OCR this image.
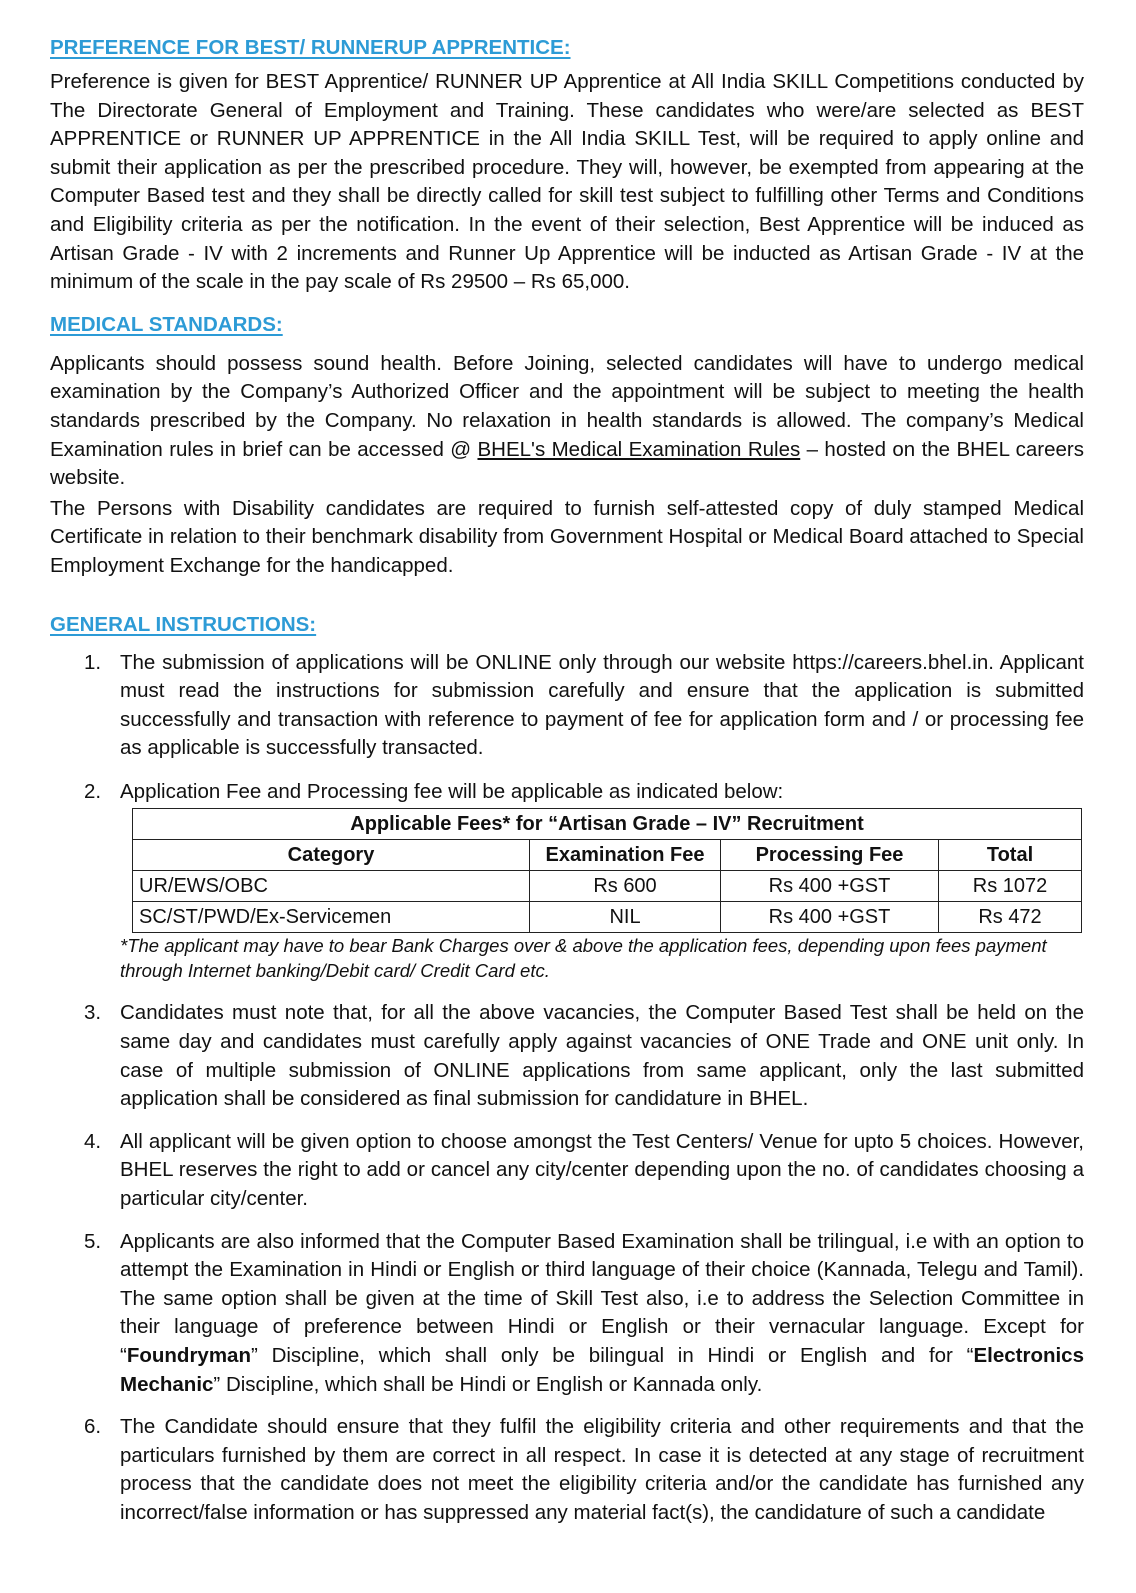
PREFERENCE FOR BEST/ RUNNERUP APPRENTICE:

Preference is given for BEST Apprentice/ RUNNER UP Apprentice at All India SKILL Competitions conducted by The Directorate General of Employment and Training. These candidates who were/are selected as BEST APPRENTICE or RUNNER UP APPRENTICE in the All India SKILL Test, will be required to apply online and submit their application as per the prescribed procedure. They will, however, be exempted from appearing at the Computer Based test and they shall be directly called for skill test subject to fulfilling other Terms and Conditions and Eligibility criteria as per the notification. In the event of their selection, Best Apprentice will be induced as Artisan Grade - IV with 2 increments and Runner Up Apprentice will be inducted as Artisan Grade - IV at the minimum of the scale in the pay scale of Rs 29500 – Rs 65,000.

MEDICAL STANDARDS:

Applicants should possess sound health. Before Joining, selected candidates will have to undergo medical examination by the Company’s Authorized Officer and the appointment will be subject to meeting the health standards prescribed by the Company. No relaxation in health standards is allowed. The company’s Medical Examination rules in brief can be accessed @ BHEL's Medical Examination Rules – hosted on the BHEL careers website.

The Persons with Disability candidates are required to furnish self-attested copy of duly stamped Medical Certificate in relation to their benchmark disability from Government Hospital or Medical Board attached to Special Employment Exchange for the handicapped.

GENERAL INSTRUCTIONS:
1. The submission of applications will be ONLINE only through our website https://careers.bhel.in. Applicant must read the instructions for submission carefully and ensure that the application is submitted successfully and transaction with reference to payment of fee for application form and / or processing fee as applicable is successfully transacted.
2. Application Fee and Processing fee will be applicable as indicated below:
Applicable Fees* for “Artisan Grade – IV” Recruitment			
Category	Examination Fee	Processing Fee	Total
UR/EWS/OBC	Rs 600	Rs 400 +GST	Rs 1072
SC/ST/PWD/Ex-Servicemen	NIL	Rs 400 +GST	Rs 472

*The applicant may have to bear Bank Charges over & above the application fees, depending upon fees payment through Internet banking/Debit card/ Credit Card etc.

3. Candidates must note that, for all the above vacancies, the Computer Based Test shall be held on the same day and candidates must carefully apply against vacancies of ONE Trade and ONE unit only. In case of multiple submission of ONLINE applications from same applicant, only the last submitted application shall be considered as final submission for candidature in BHEL.
4. All applicant will be given option to choose amongst the Test Centers/ Venue for upto 5 choices. However, BHEL reserves the right to add or cancel any city/center depending upon the no. of candidates choosing a particular city/center.
5. Applicants are also informed that the Computer Based Examination shall be trilingual, i.e with an option to attempt the Examination in Hindi or English or third language of their choice (Kannada, Telegu and Tamil). The same option shall be given at the time of Skill Test also, i.e to address the Selection Committee in their language of preference between Hindi or English or their vernacular language. Except for “Foundryman” Discipline, which shall only be bilingual in Hindi or English and for “Electronics Mechanic” Discipline, which shall be Hindi or English or Kannada only.
6. The Candidate should ensure that they fulfil the eligibility criteria and other requirements and that the particulars furnished by them are correct in all respect. In case it is detected at any stage of recruitment process that the candidate does not meet the eligibility criteria and/or the candidate has furnished any incorrect/false information or has suppressed any material fact(s), the candidature of such a candidate
